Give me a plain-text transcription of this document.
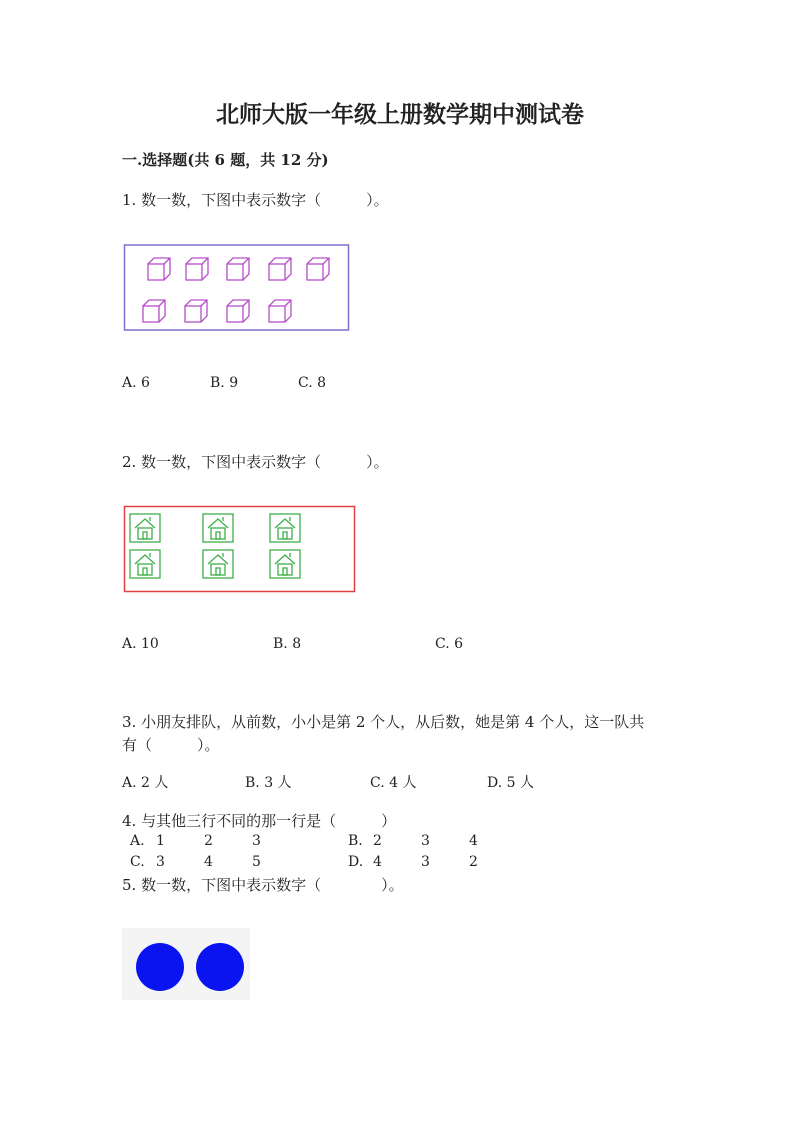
北师大版一年级上册数学期中测试卷
一.选择题(共 6 题，共 12 分)
1. 数一数，下图中表示数字（　　　）。
A. 6	B. 9	C. 8
2. 数一数，下图中表示数字（　　　）。
A. 10	B. 8	C. 6
3. 小朋友排队，从前数，小小是第 2 个人，从后数，她是第 4 个人，这一队共
有（　　　）。
A. 2 人	B. 3 人	C. 4 人	D. 5 人
4. 与其他三行不同的那一行是（　　　）
A. 1	2	3	B. 2	3	4
C. 3	4	5	D. 4	3	2
5. 数一数，下图中表示数字（　　　　）。
